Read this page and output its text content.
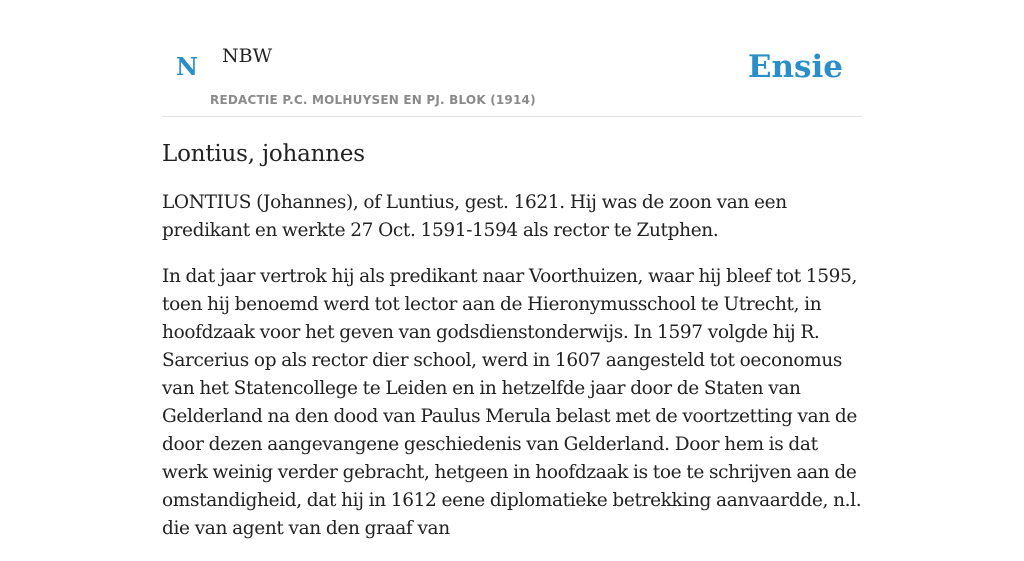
N NBW
REDACTIE P.C. MOLHUYSEN EN PJ. BLOK (1914)
Ensie
Lontius, johannes

LONTIUS (Johannes), of Luntius, gest. 1621. Hij was de zoon van een predikant en werkte 27 Oct. 1591-1594 als rector te Zutphen.

In dat jaar vertrok hij als predikant naar Voorthuizen, waar hij bleef tot 1595, toen hij benoemd werd tot lector aan de Hieronymusschool te Utrecht, in hoofdzaak voor het geven van godsdienstonderwijs. In 1597 volgde hij R. Sarcerius op als rector dier school, werd in 1607 aangesteld tot oeconomus van het Statencollege te Leiden en in hetzelfde jaar door de Staten van Gelderland na den dood van Paulus Merula belast met de voortzetting van de door dezen aangevangene geschiedenis van Gelderland. Door hem is dat werk weinig verder gebracht, hetgeen in hoofdzaak is toe te schrijven aan de omstandigheid, dat hij in 1612 eene diplomatieke betrekking aanvaardde, n.l. die van agent van den graaf van
